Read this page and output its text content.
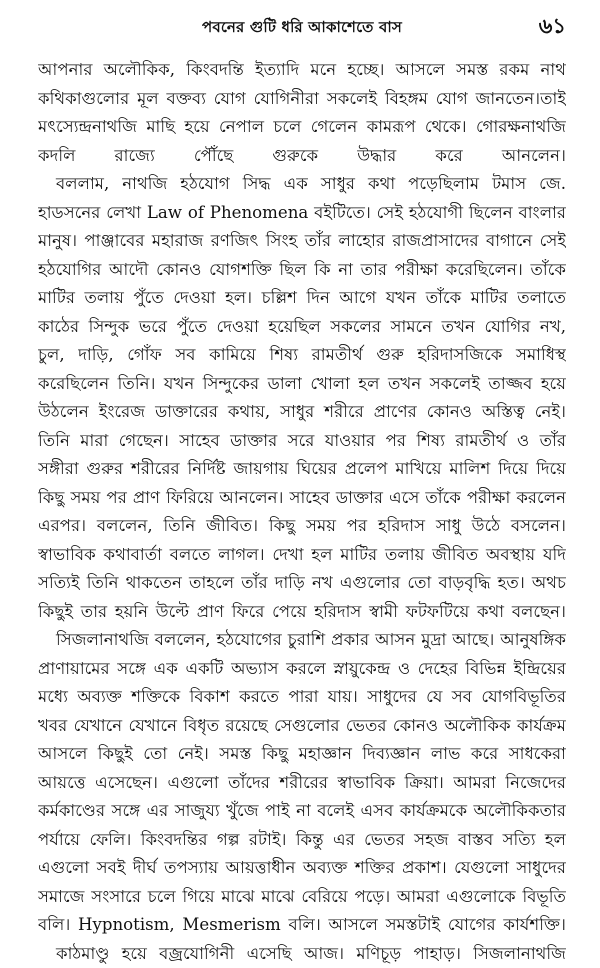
পবনের গুটি ধরি আকাশেতে বাস	৬১
আপনার অলৌকিক, কিংবদন্তি ইত্যাদি মনে হচ্ছে। আসলে সমস্ত রকম নাথ
কথিকাগুলোর মূল বক্তব্য যোগ যোগিনীরা সকলেই বিহঙ্গম যোগ জানতেন।তাই
মৎস্যেন্দ্রনাথজি মাছি হয়ে নেপাল চলে গেলেন কামরূপ থেকে। গোরক্ষনাথজি
কদলি রাজ্যে পৌঁছে গুরুকে উদ্ধার করে আনলেন।
বললাম, নাথজি হঠযোগ সিদ্ধ এক সাধুর কথা পড়েছিলাম টমাস জে.
হাডসনের লেখা Law of Phenomena বইটিতে। সেই হঠযোগী ছিলেন বাংলার
মানুষ। পাঞ্জাবের মহারাজ রণজিৎ সিংহ তাঁর লাহোর রাজপ্রাসাদের বাগানে সেই
হঠযোগির আদৌ কোনও যোগশক্তি ছিল কি না তার পরীক্ষা করেছিলেন। তাঁকে
মাটির তলায় পুঁতে দেওয়া হল। চল্লিশ দিন আগে যখন তাঁকে মাটির তলাতে
কাঠের সিন্দুক ভরে পুঁতে দেওয়া হয়েছিল সকলের সামনে তখন যোগির নখ,
চুল, দাড়ি, গোঁফ সব কামিয়ে শিষ্য রামতীর্থ গুরু হরিদাসজিকে সমাধিস্থ
করেছিলেন তিনি। যখন সিন্দুকের ডালা খোলা হল তখন সকলেই তাজ্জব হয়ে
উঠলেন ইংরেজ ডাক্তারের কথায়, সাধুর শরীরে প্রাণের কোনও অস্তিত্ব নেই।
তিনি মারা গেছেন। সাহেব ডাক্তার সরে যাওয়ার পর শিষ্য রামতীর্থ ও তাঁর
সঙ্গীরা গুরুর শরীরের নির্দিষ্ট জায়গায় ঘিয়ের প্রলেপ মাখিয়ে মালিশ দিয়ে দিয়ে
কিছু সময় পর প্রাণ ফিরিয়ে আনলেন। সাহেব ডাক্তার এসে তাঁকে পরীক্ষা করলেন
এরপর। বললেন, তিনি জীবিত। কিছু সময় পর হরিদাস সাধু উঠে বসলেন।
স্বাভাবিক কথাবার্তা বলতে লাগল। দেখা হল মাটির তলায় জীবিত অবস্থায় যদি
সত্যিই তিনি থাকতেন তাহলে তাঁর দাড়ি নখ এগুলোর তো বাড়বৃদ্ধি হত। অথচ
কিছুই তার হয়নি উল্টে প্রাণ ফিরে পেয়ে হরিদাস স্বামী ফটফটিয়ে কথা বলছেন।
সিজলানাথজি বললেন, হঠযোগের চুরাশি প্রকার আসন মুদ্রা আছে। আনুষঙ্গিক
প্রাণায়ামের সঙ্গে এক একটি অভ্যাস করলে স্নায়ুকেন্দ্র ও দেহের বিভিন্ন ইন্দ্রিয়ের
মধ্যে অব্যক্ত শক্তিকে বিকাশ করতে পারা যায়। সাধুদের যে সব যোগবিভূতির
খবর যেখানে যেখানে বিধৃত রয়েছে সেগুলোর ভেতর কোনও অলৌকিক কার্যক্রম
আসলে কিছুই তো নেই। সমস্ত কিছু মহাজ্ঞান দিব্যজ্ঞান লাভ করে সাধকেরা
আয়ত্তে এসেছেন। এগুলো তাঁদের শরীরের স্বাভাবিক ক্রিয়া। আমরা নিজেদের
কর্মকাণ্ডের সঙ্গে এর সাজুয্য খুঁজে পাই না বলেই এসব কার্যক্রমকে অলৌকিকতার
পর্যায়ে ফেলি। কিংবদন্তির গল্প রটাই। কিন্তু এর ভেতর সহজ বাস্তব সত্যি হল
এগুলো সবই দীর্ঘ তপস্যায় আয়ত্তাধীন অব্যক্ত শক্তির প্রকাশ। যেগুলো সাধুদের
সমাজে সংসারে চলে গিয়ে মাঝে মাঝে বেরিয়ে পড়ে। আমরা এগুলোকে বিভূতি
বলি। Hypnotism, Mesmerism বলি। আসলে সমস্তটাই যোগের কার্যশক্তি।
কাঠমাণ্ডু হয়ে বজ্রযোগিনী এসেছি আজ। মণিচূড় পাহাড়। সিজলানাথজি
